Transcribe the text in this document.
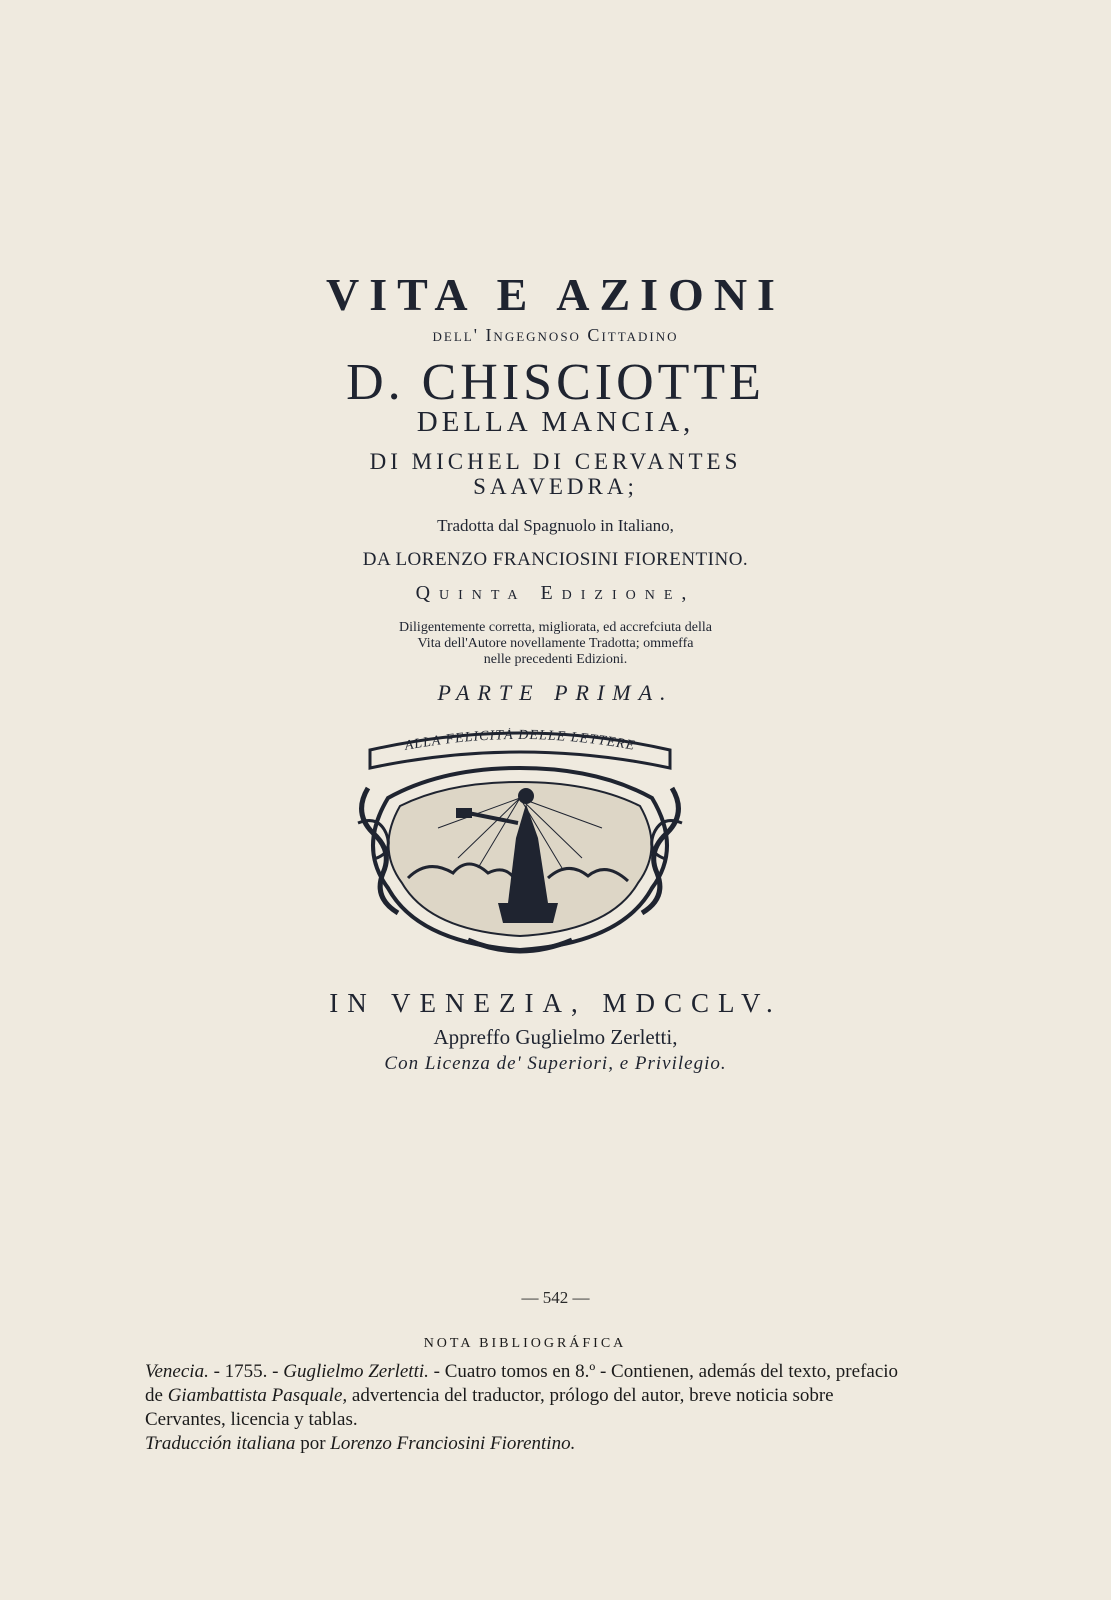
VITA E AZIONI
dell' Ingegnoso Cittadino
D. CHISCIOTTE
DELLA MANCIA,
DI MICHEL DI CERVANTES
SAAVEDRA;
Tradotta dal Spagnuolo in Italiano,
DA LORENZO FRANCIOSINI FIORENTINO.
Quinta Edizione,
Diligentemente corretta, migliorata, ed accrefciuta della
Vita dell'Autore novellamente Tradotta; ommeffa
nelle precedenti Edizioni.
PARTE PRIMA.
ALLA FELICITÀ DELLE LETTERE
IN VENEZIA, MDCCLV.
Appreffo Guglielmo Zerletti,
Con Licenza de' Superiori, e Privilegio.
— 542 —
NOTA BIBLIOGRÁFICA

Venecia. - 1755. - Guglielmo Zerletti. - Cuatro tomos en 8.º - Contienen, además del texto, prefacio de Giambattista Pasquale, advertencia del traductor, prólogo del autor, breve noticia sobre Cervantes, licencia y tablas.

Traducción italiana por Lorenzo Franciosini Fiorentino.
